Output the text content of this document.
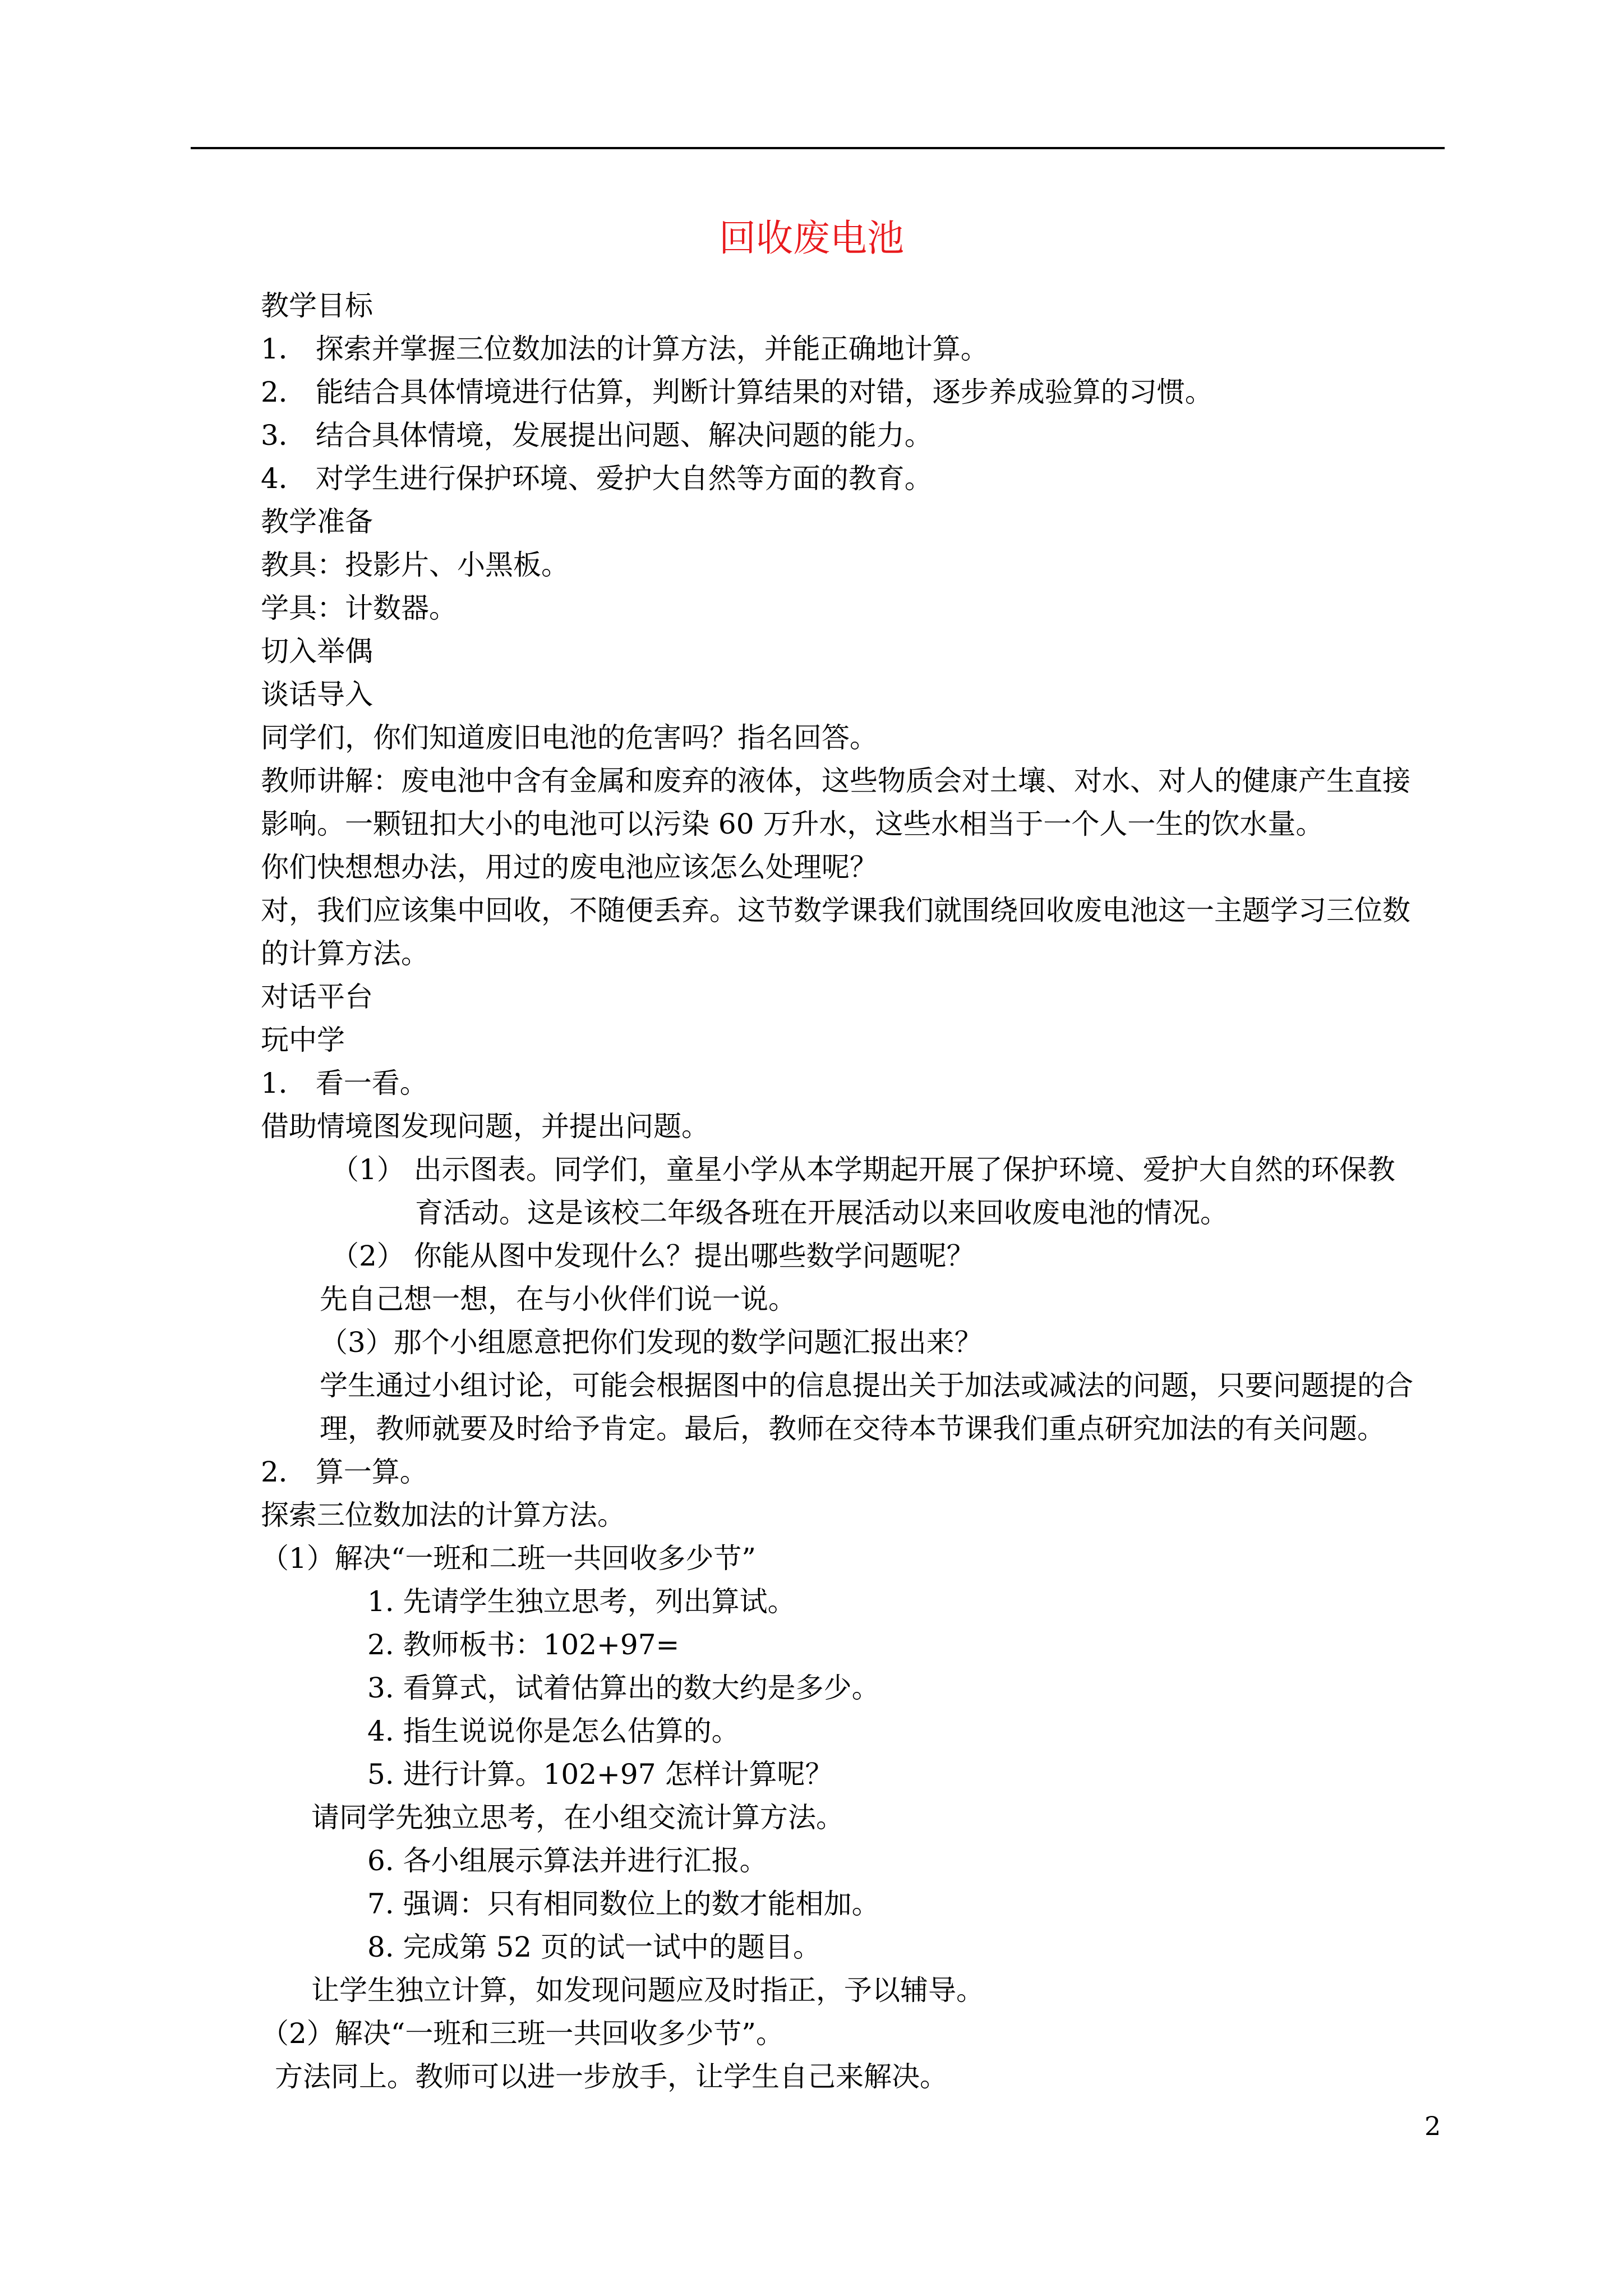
回收废电池
教学目标
1． 探索并掌握三位数加法的计算方法，并能正确地计算。
2． 能结合具体情境进行估算，判断计算结果的对错，逐步养成验算的习惯。
3． 结合具体情境，发展提出问题、解决问题的能力。
4． 对学生进行保护环境、爱护大自然等方面的教育。
教学准备
教具：投影片、小黑板。
学具：计数器。
切入举偶
谈话导入
同学们，你们知道废旧电池的危害吗？指名回答。
教师讲解：废电池中含有金属和废弃的液体，这些物质会对土壤、对水、对人的健康产生直接
影响。一颗钮扣大小的电池可以污染 60 万升水，这些水相当于一个人一生的饮水量。
你们快想想办法，用过的废电池应该怎么处理呢？
对，我们应该集中回收，不随便丢弃。这节数学课我们就围绕回收废电池这一主题学习三位数
的计算方法。
对话平台
玩中学
1． 看一看。
借助情境图发现问题，并提出问题。
（1） 出示图表。同学们，童星小学从本学期起开展了保护环境、爱护大自然的环保教
育活动。这是该校二年级各班在开展活动以来回收废电池的情况。
（2） 你能从图中发现什么？提出哪些数学问题呢？
先自己想一想，在与小伙伴们说一说。
（3）那个小组愿意把你们发现的数学问题汇报出来？
学生通过小组讨论，可能会根据图中的信息提出关于加法或减法的问题，只要问题提的合
理，教师就要及时给予肯定。最后，教师在交待本节课我们重点研究加法的有关问题。
2． 算一算。
探索三位数加法的计算方法。
（1）解决“一班和二班一共回收多少节”
1. 先请学生独立思考，列出算试。
2. 教师板书：102+97=
3. 看算式，试着估算出的数大约是多少。
4. 指生说说你是怎么估算的。
5. 进行计算。102+97 怎样计算呢？
请同学先独立思考，在小组交流计算方法。
6. 各小组展示算法并进行汇报。
7. 强调：只有相同数位上的数才能相加。
8. 完成第 52 页的试一试中的题目。
让学生独立计算，如发现问题应及时指正，予以辅导。
（2）解决“一班和三班一共回收多少节”。
方法同上。教师可以进一步放手，让学生自己来解决。
2
